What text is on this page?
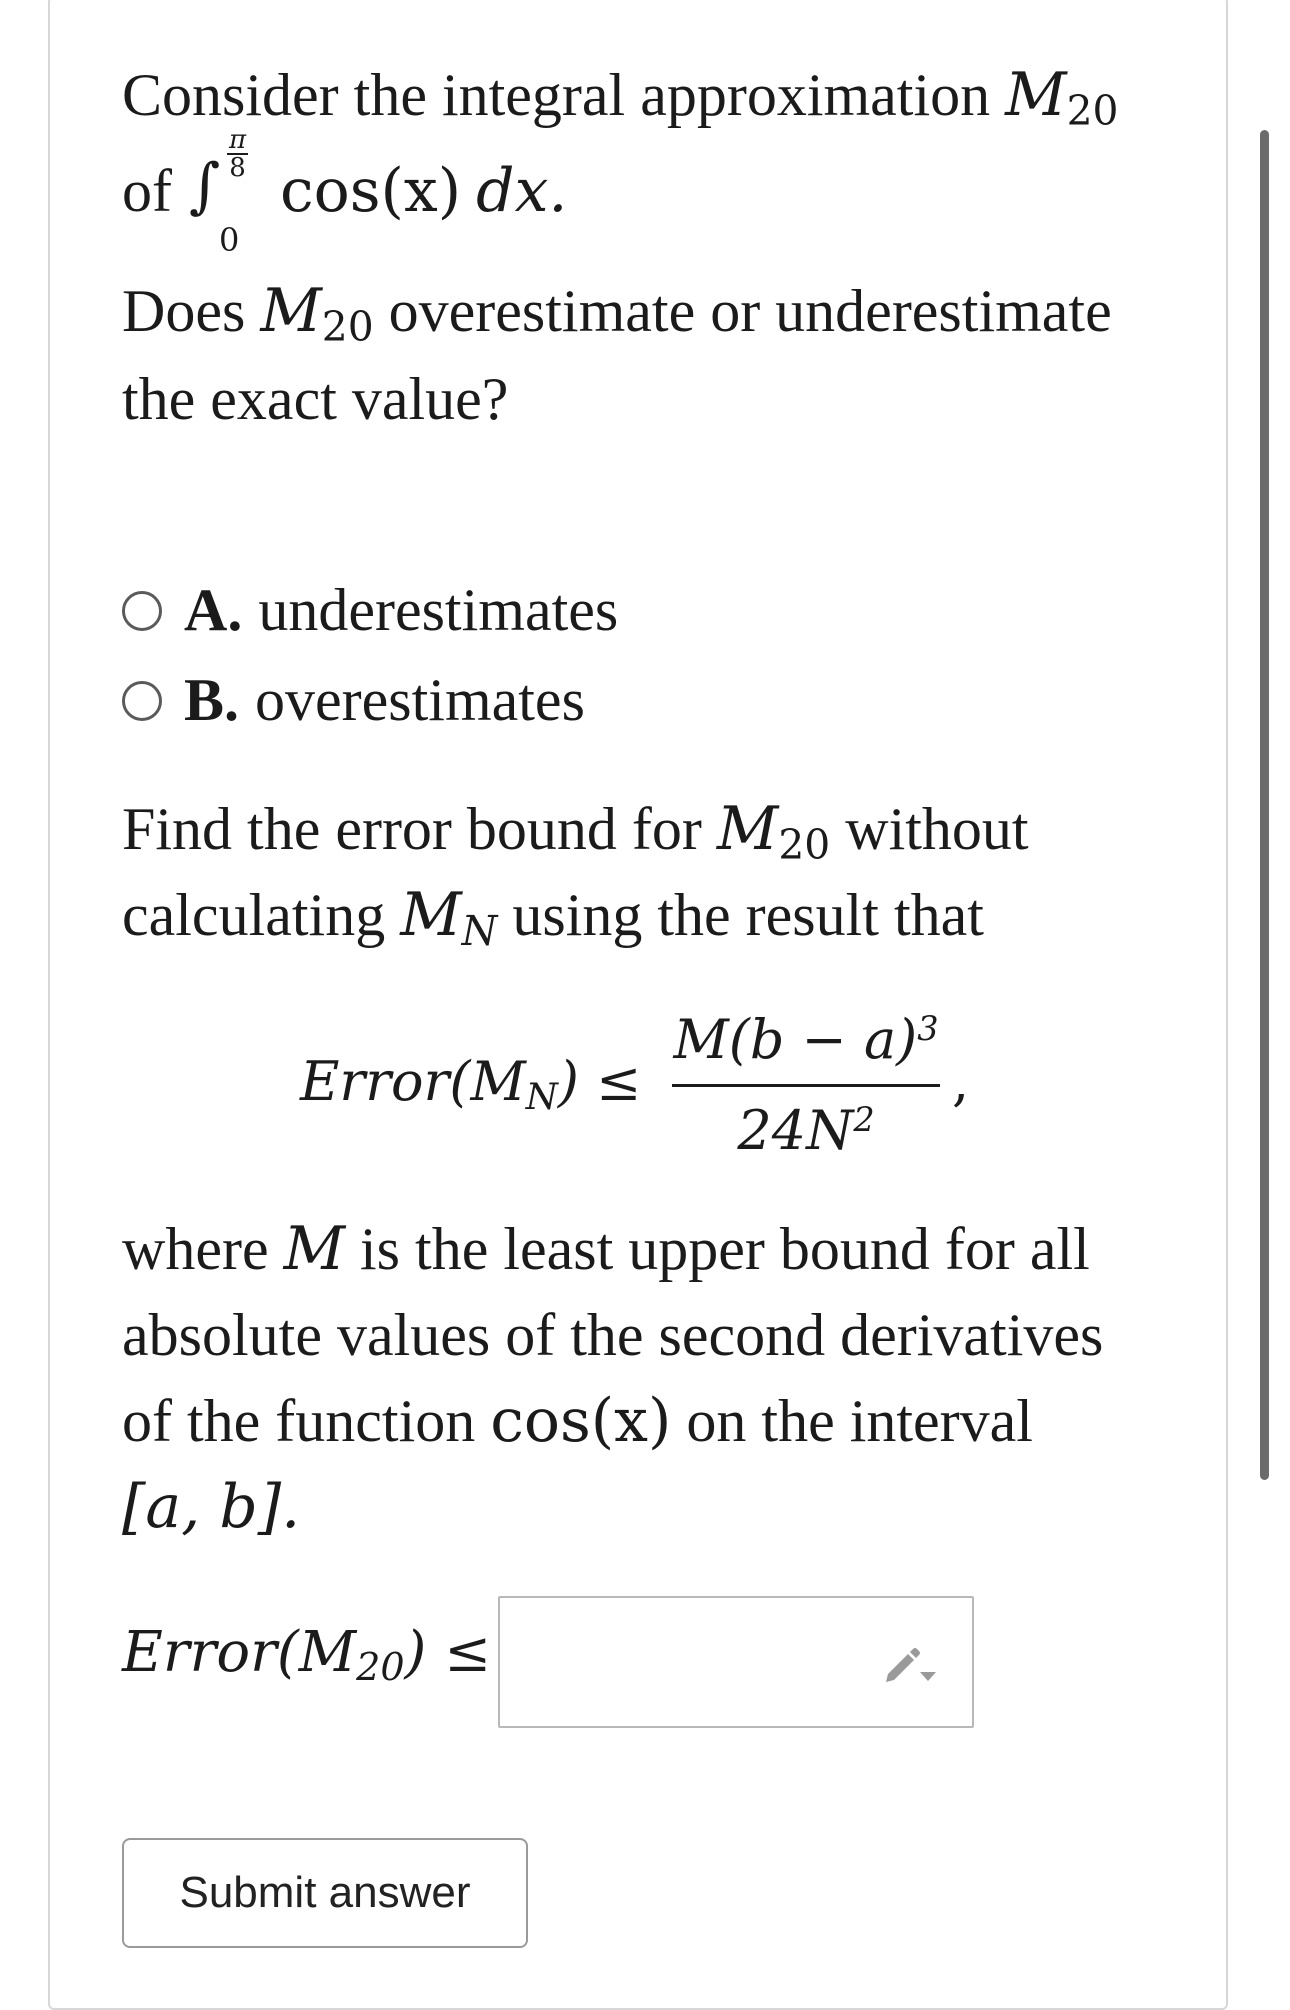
Consider the integral approximation M20

of ∫ $\frac{\pi}{8}$
0
cos(x) dx.

Does M20 overestimate or underestimate

the exact value?

A. underestimates
B. overestimates

Find the error bound for M20 without

calculating MN using the result that

Error(MN) ≤
$M(b - a)^3$
$24N^2$
,

where M is the least upper bound for all

absolute values of the second derivatives

of the function cos(x) on the interval

[a, b].

Error(M20) ≤
Submit answer
